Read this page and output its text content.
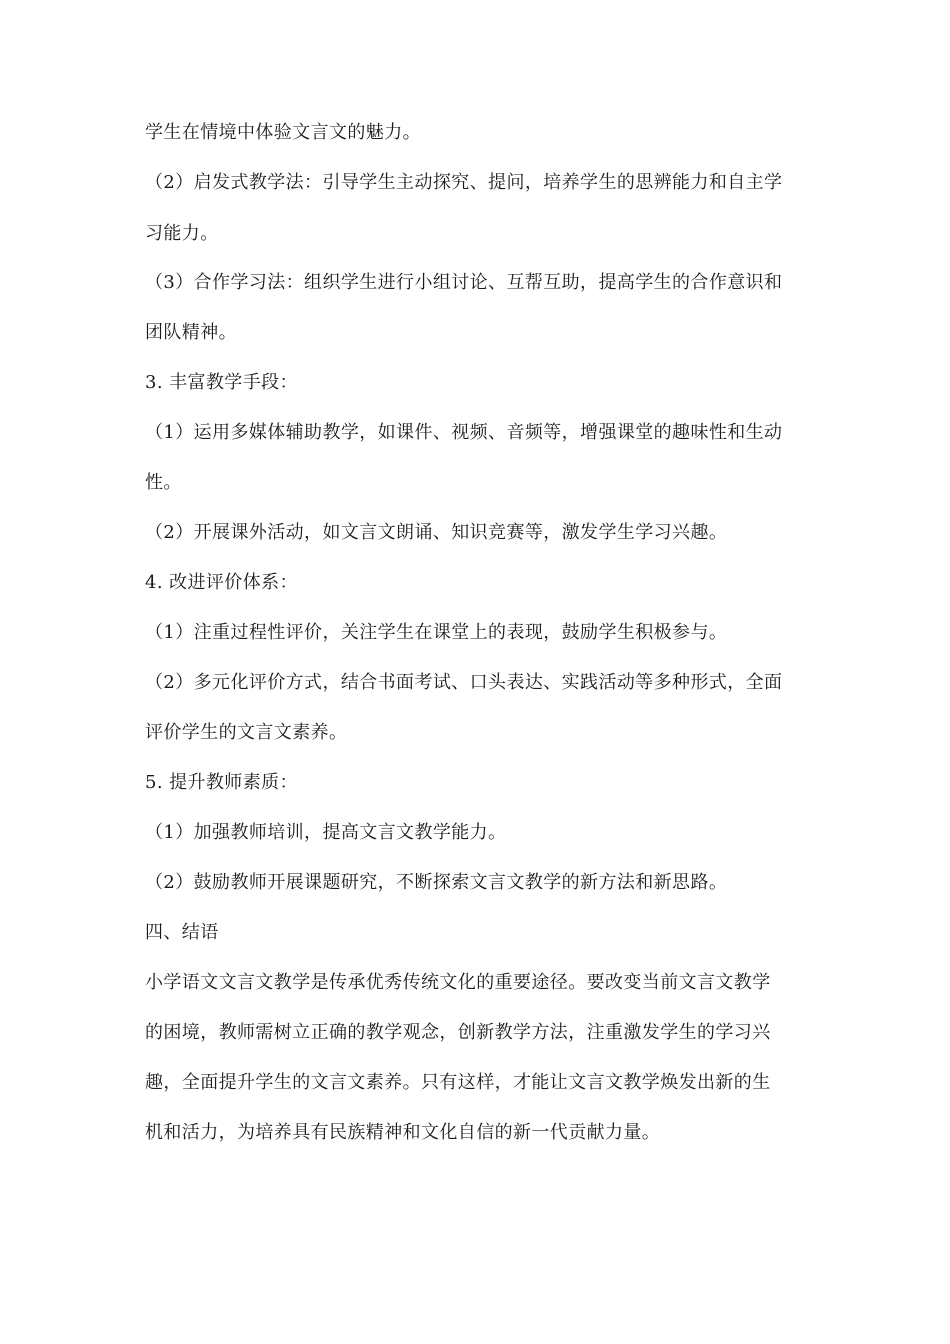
学生在情境中体验文言文的魅力。
（2）启发式教学法：引导学生主动探究、提问，培养学生的思辨能力和自主学
习能力。
（3）合作学习法：组织学生进行小组讨论、互帮互助，提高学生的合作意识和
团队精神。
3. 丰富教学手段：
（1）运用多媒体辅助教学，如课件、视频、音频等，增强课堂的趣味性和生动
性。
（2）开展课外活动，如文言文朗诵、知识竞赛等，激发学生学习兴趣。
4. 改进评价体系：
（1）注重过程性评价，关注学生在课堂上的表现，鼓励学生积极参与。
（2）多元化评价方式，结合书面考试、口头表达、实践活动等多种形式，全面
评价学生的文言文素养。
5. 提升教师素质：
（1）加强教师培训，提高文言文教学能力。
（2）鼓励教师开展课题研究，不断探索文言文教学的新方法和新思路。
四、结语
小学语文文言文教学是传承优秀传统文化的重要途径。要改变当前文言文教学
的困境，教师需树立正确的教学观念，创新教学方法，注重激发学生的学习兴
趣，全面提升学生的文言文素养。只有这样，才能让文言文教学焕发出新的生
机和活力，为培养具有民族精神和文化自信的新一代贡献力量。
